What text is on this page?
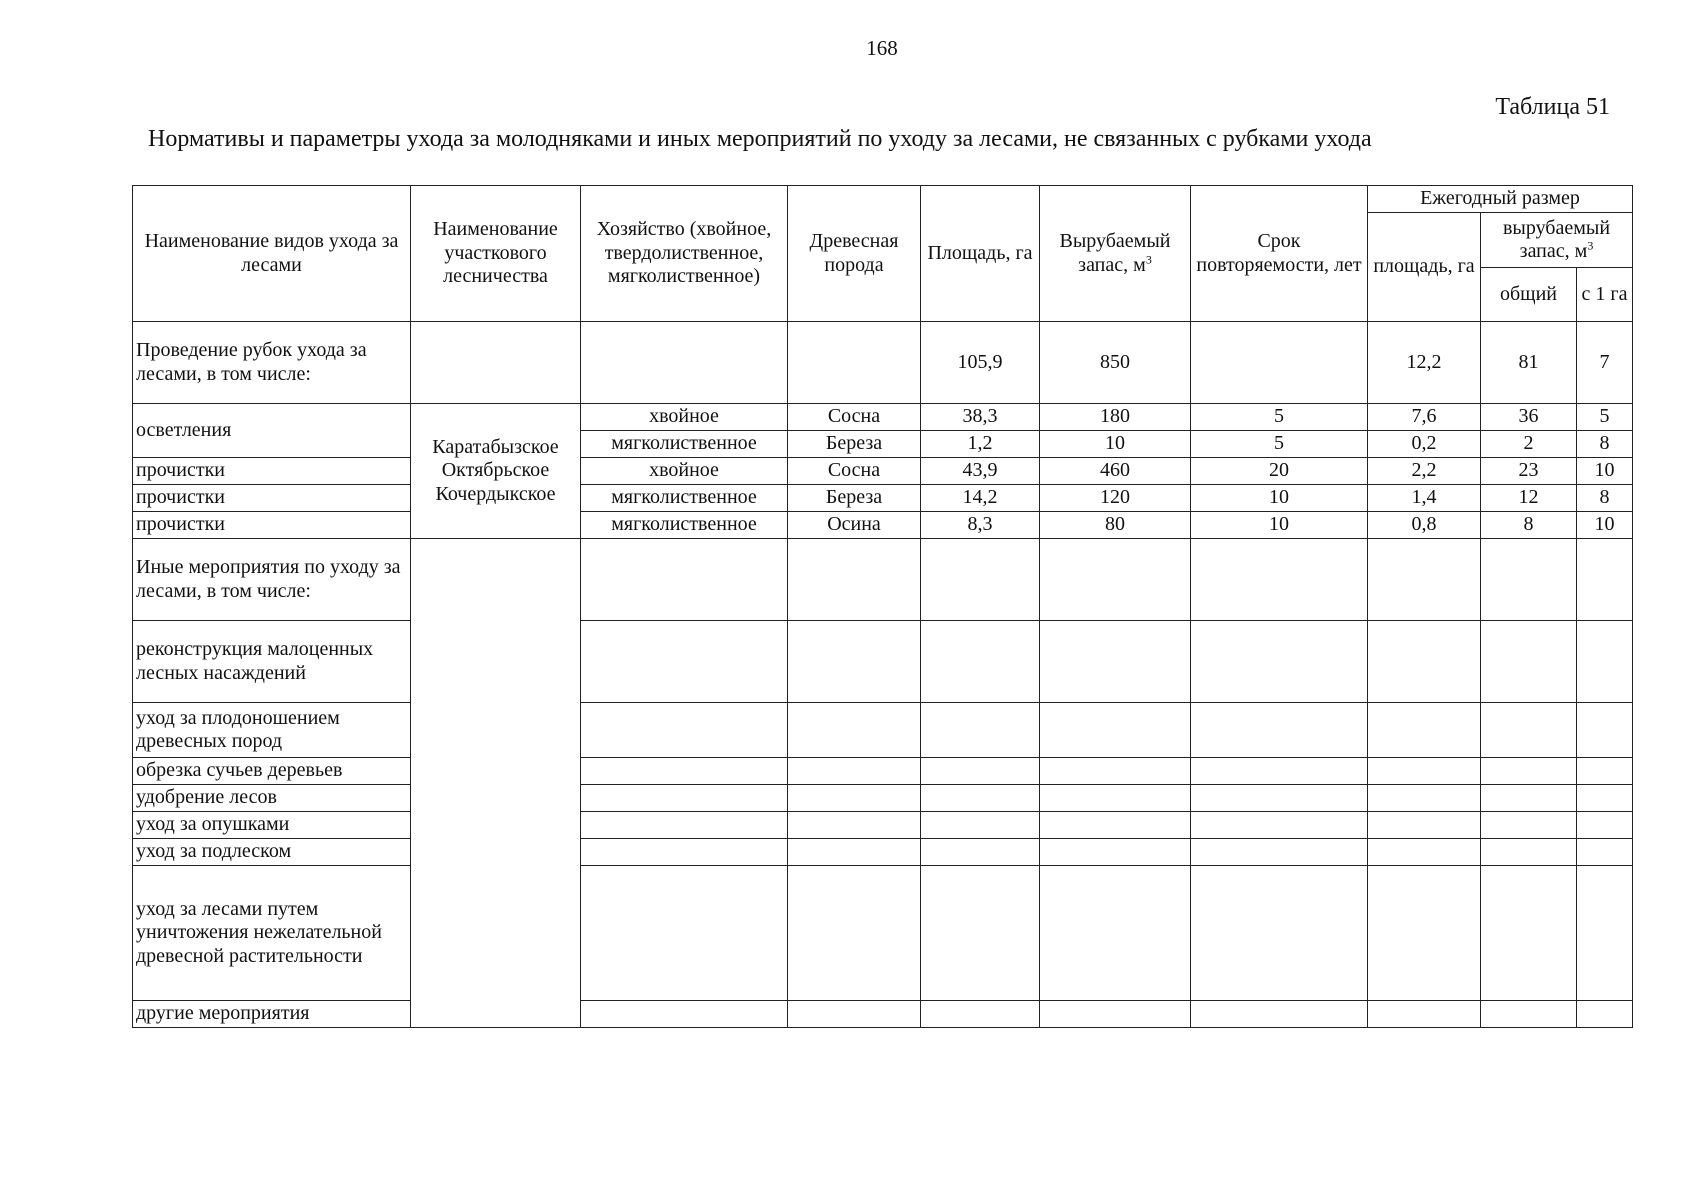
168
Таблица 51
Нормативы и параметры ухода за молодняками и иных мероприятий по уходу за лесами, не связанных с рубками ухода
Наименование видов ухода за лесами	Наименование участкового лесничества	Хозяйство (хвойное, твердолиственное, мягколиственное)	Древесная порода	Площадь, га	Вырубаемый запас, $м^3$	Срок повторяемости, лет	Ежегодный размер		
							площадь, га	вырубаемый запас, $м^3$
								общий	с 1 га
Проведение рубок ухода за лесами, в том числе:				105,9	850		12,2	81	7
осветления	Каратабызское Октябрьское Кочердыкское	хвойное	Сосна	38,3	180	5	7,6	36	5
		мягколиственное	Береза	1,2	10	5	0,2	2	8
прочистки		хвойное	Сосна	43,9	460	20	2,2	23	10
прочистки		мягколиственное	Береза	14,2	120	10	1,4	12	8
прочистки		мягколиственное	Осина	8,3	80	10	0,8	8	10
Иные мероприятия по уходу за лесами, в том числе:									
реконструкция малоценных лесных насаждений									
уход за плодоношением древесных пород									
обрезка сучьев деревьев									
удобрение лесов									
уход за опушками									
уход за подлеском									
уход за лесами путем уничтожения нежелательной древесной растительности									
другие мероприятия									
